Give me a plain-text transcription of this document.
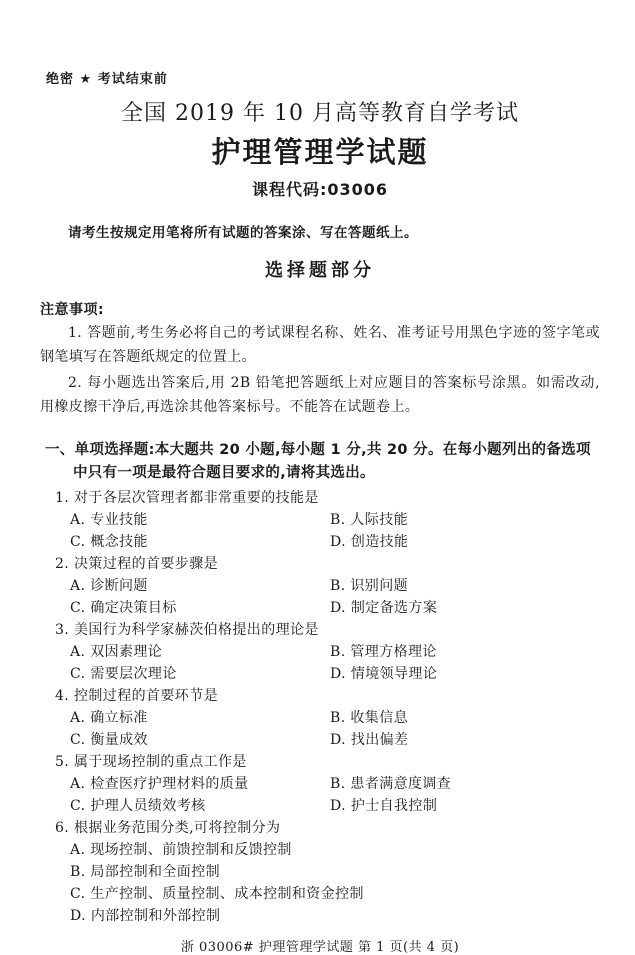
绝密 ★ 考试结束前
全国 2019 年 10 月高等教育自学考试
护理管理学试题
课程代码:03006

请考生按规定用笔将所有试题的答案涂、写在答题纸上。

选择题部分
注意事项:

1. 答题前,考生务必将自己的考试课程名称、姓名、准考证号用黑色字迹的签字笔或钢笔填写在答题纸规定的位置上。

2. 每小题选出答案后,用 2B 铅笔把答题纸上对应题目的答案标号涂黑。如需改动,用橡皮擦干净后,再选涂其他答案标号。不能答在试题卷上。

一、单项选择题:本大题共 20 小题,每小题 1 分,共 20 分。在每小题列出的备选项中只有一项是最符合题目要求的,请将其选出。
1. 对于各层次管理者都非常重要的技能是
A. 专业技能	B. 人际技能
C. 概念技能	D. 创造技能
2. 决策过程的首要步骤是
A. 诊断问题	B. 识别问题
C. 确定决策目标	D. 制定备选方案
3. 美国行为科学家赫茨伯格提出的理论是
A. 双因素理论	B. 管理方格理论
C. 需要层次理论	D. 情境领导理论
4. 控制过程的首要环节是
A. 确立标准	B. 收集信息
C. 衡量成效	D. 找出偏差
5. 属于现场控制的重点工作是
A. 检查医疗护理材料的质量	B. 患者满意度调查
C. 护理人员绩效考核	D. 护士自我控制
6. 根据业务范围分类,可将控制分为
A. 现场控制、前馈控制和反馈控制
B. 局部控制和全面控制
C. 生产控制、质量控制、成本控制和资金控制
D. 内部控制和外部控制
浙 03006# 护理管理学试题 第 1 页(共 4 页)
